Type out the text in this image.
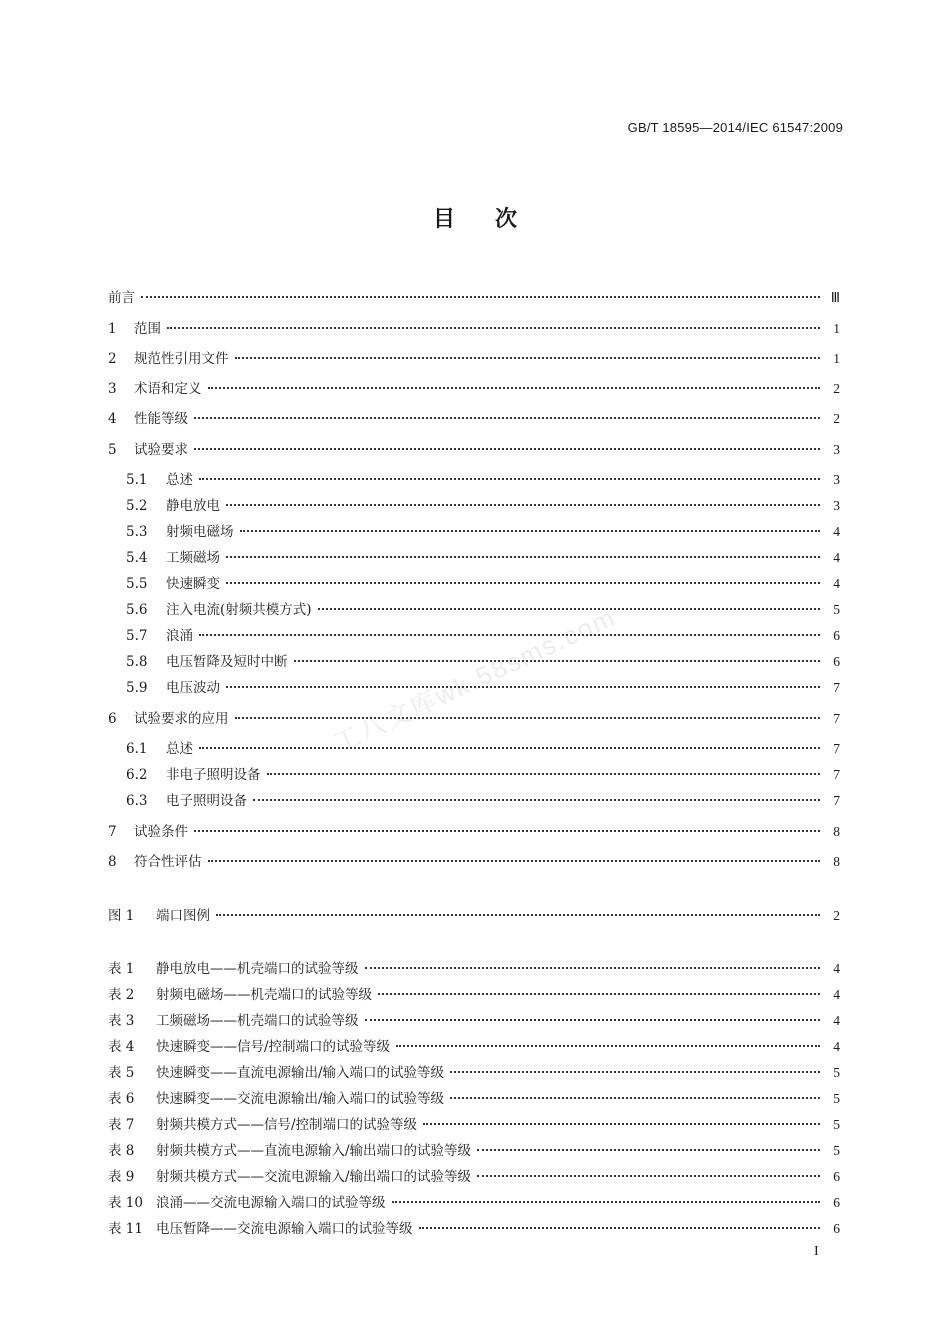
GB/T 18595—2014/IEC 61547:2009
目次
工八文库wk.58sms.com
前言	Ⅲ
1	范围	1
2	规范性引用文件	1
3	术语和定义	2
4	性能等级	2
5	试验要求	3
5.1	总述	3
5.2	静电放电	3
5.3	射频电磁场	4
5.4	工频磁场	4
5.5	快速瞬变	4
5.6	注入电流(射频共模方式)	5
5.7	浪涌	6
5.8	电压暂降及短时中断	6
5.9	电压波动	7
6	试验要求的应用	7
6.1	总述	7
6.2	非电子照明设备	7
6.3	电子照明设备	7
7	试验条件	8
8	符合性评估	8
图 1	端口图例	2
表 1	静电放电——机壳端口的试验等级	4
表 2	射频电磁场——机壳端口的试验等级	4
表 3	工频磁场——机壳端口的试验等级	4
表 4	快速瞬变——信号/控制端口的试验等级	4
表 5	快速瞬变——直流电源输出/输入端口的试验等级	5
表 6	快速瞬变——交流电源输出/输入端口的试验等级	5
表 7	射频共模方式——信号/控制端口的试验等级	5
表 8	射频共模方式——直流电源输入/输出端口的试验等级	5
表 9	射频共模方式——交流电源输入/输出端口的试验等级	6
表 10 浪涌——交流电源输入端口的试验等级	6
表 11 电压暂降——交流电源输入端口的试验等级	6
I
